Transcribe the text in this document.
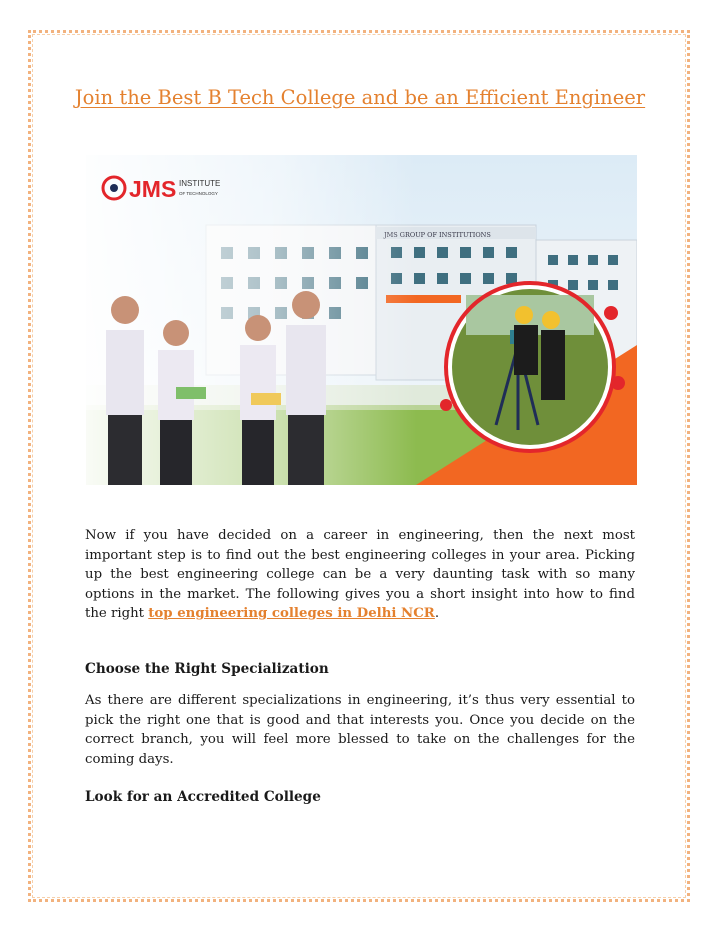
Join the Best B Tech College and be an Efficient Engineer
JMS INSTITUTE
OF TECHNOLOGY
Now if you have decided on a career in engineering, then the next most important step is to find out the best engineering colleges in your area. Picking up the best engineering college can be a very daunting task with so many options in the market. The following gives you a short insight into how to find the right top engineering colleges in Delhi NCR.
Choose the Right Specialization
As there are different specializations in engineering, it’s thus very essential to pick the right one that is good and that interests you. Once you decide on the correct branch, you will feel more blessed to take on the challenges for the coming days.
Look for an Accredited College
